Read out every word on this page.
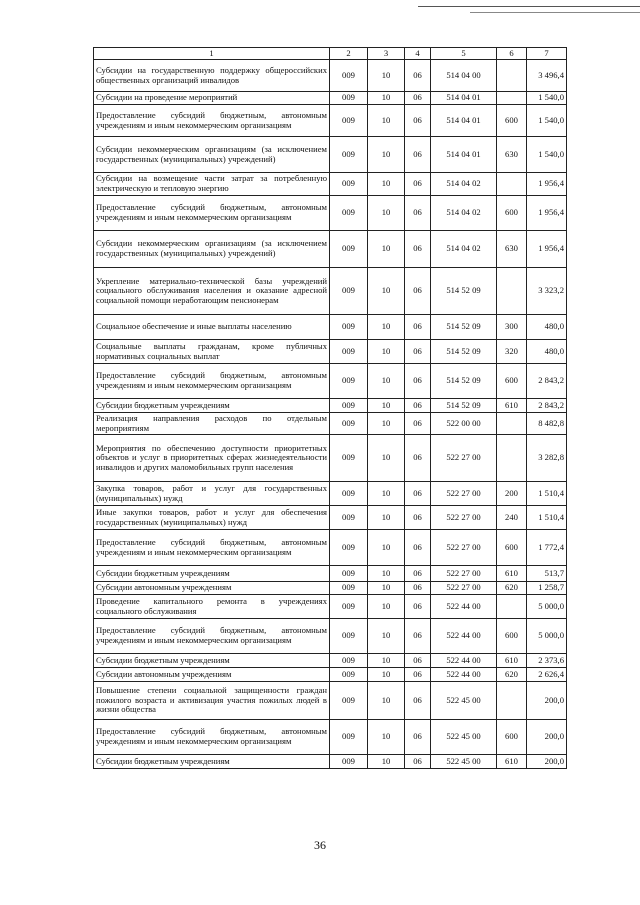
1	2	3	4	5	6	7
Субсидии на государственную поддержку общероссийских общественных организаций инвалидов	009	10	06	514 04 00		3 496,4
Субсидии на проведение мероприятий	009	10	06	514 04 01		1 540,0
Предоставление субсидий бюджетным, автономным учреждениям и иным некоммерческим организациям	009	10	06	514 04 01	600	1 540,0
Субсидии некоммерческим организациям (за исключением государственных (муниципальных) учреждений)	009	10	06	514 04 01	630	1 540,0
Субсидии на возмещение части затрат за потребленную электрическую и тепловую энергию	009	10	06	514 04 02		1 956,4
Предоставление субсидий бюджетным, автономным учреждениям и иным некоммерческим организациям	009	10	06	514 04 02	600	1 956,4
Субсидии некоммерческим организациям (за исключением государственных (муниципальных) учреждений)	009	10	06	514 04 02	630	1 956,4
Укрепление материально-технической базы учреждений социального обслуживания населения и оказание адресной социальной помощи неработающим пенсионерам	009	10	06	514 52 09		3 323,2
Социальное обеспечение и иные выплаты населению	009	10	06	514 52 09	300	480,0
Социальные выплаты гражданам, кроме публичных нормативных социальных выплат	009	10	06	514 52 09	320	480,0
Предоставление субсидий бюджетным, автономным учреждениям и иным некоммерческим организациям	009	10	06	514 52 09	600	2 843,2
Субсидии бюджетным учреждениям	009	10	06	514 52 09	610	2 843,2
Реализация направления расходов по отдельным мероприятиям	009	10	06	522 00 00		8 482,8
Мероприятия по обеспечению доступности приоритетных объектов и услуг в приоритетных сферах жизнедеятельности инвалидов и других маломобильных групп населения	009	10	06	522 27 00		3 282,8
Закупка товаров, работ и услуг для государственных (муниципальных) нужд	009	10	06	522 27 00	200	1 510,4
Иные закупки товаров, работ и услуг для обеспечения государственных (муниципальных) нужд	009	10	06	522 27 00	240	1 510,4
Предоставление субсидий бюджетным, автономным учреждениям и иным некоммерческим организациям	009	10	06	522 27 00	600	1 772,4
Субсидии бюджетным учреждениям	009	10	06	522 27 00	610	513,7
Субсидии автономным учреждениям	009	10	06	522 27 00	620	1 258,7
Проведение капитального ремонта в учреждениях социального обслуживания	009	10	06	522 44 00		5 000,0
Предоставление субсидий бюджетным, автономным учреждениям и иным некоммерческим организациям	009	10	06	522 44 00	600	5 000,0
Субсидии бюджетным учреждениям	009	10	06	522 44 00	610	2 373,6
Субсидии автономным учреждениям	009	10	06	522 44 00	620	2 626,4
Повышение степени социальной защищенности граждан пожилого возраста и активизация участия пожилых людей в жизни общества	009	10	06	522 45 00		200,0
Предоставление субсидий бюджетным, автономным учреждениям и иным некоммерческим организациям	009	10	06	522 45 00	600	200,0
Субсидии бюджетным учреждениям	009	10	06	522 45 00	610	200,0
36
